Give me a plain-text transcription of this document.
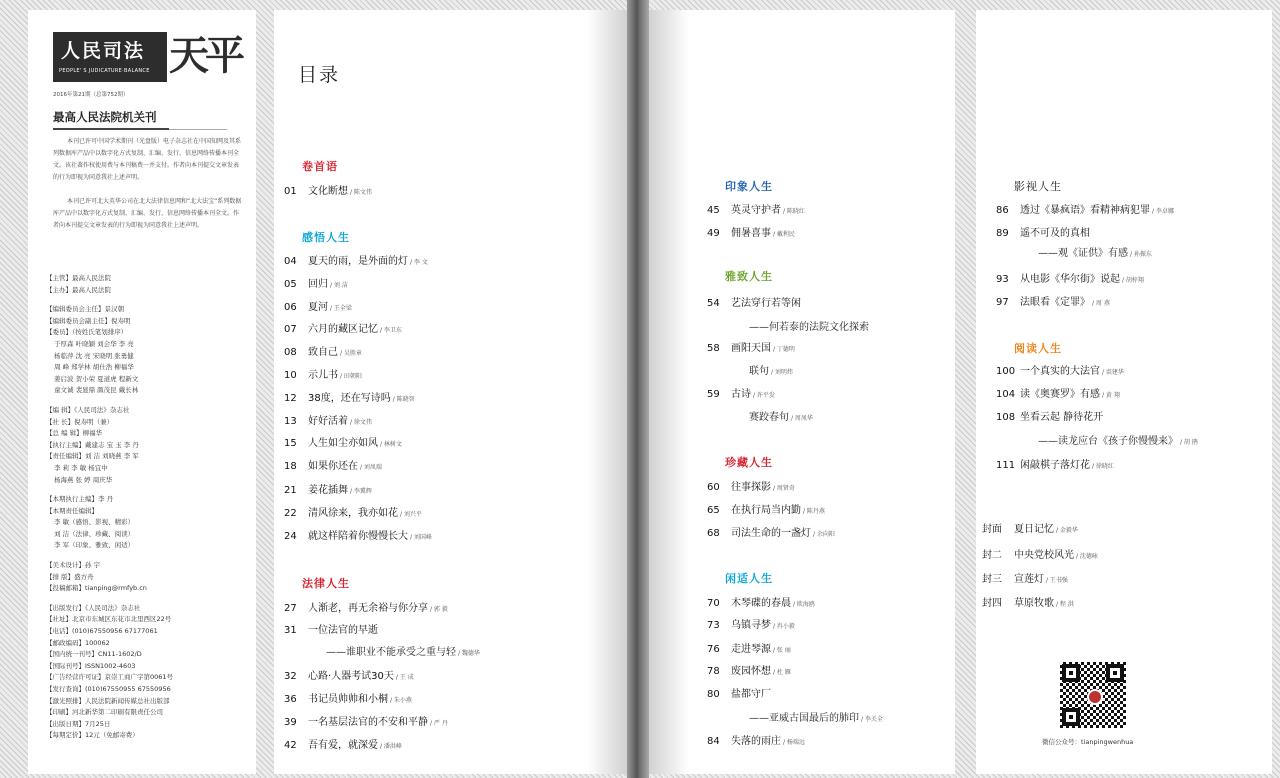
人民司法
PEOPLE' S JUDICATURE·BALANCE 天平
2016年第21期（总第752期）
最高人民法院机关刊
本刊已许可中国学术期刊（光盘版）电子杂志社在中国知网及其系列数据库产品中以数字化方式复制、汇编、发行、信息网络传播本刊全文。该社著作权使用费与本刊稿费一并支付。作者向本刊提交文章发表的行为即视为同意我社上述声明。
本刊已许可北大英华公司在北大法律信息网和“北大法宝”系列数据库产品中以数字化方式复制、汇编、发行、信息网络传播本刊全文。作者向本刊提交文章发表的行为即视为同意我社上述声明。
【主管】最高人民法院
【主办】最高人民法院
【编辑委员会主任】景汉朝
【编辑委员会副主任】倪寿明
【委员】（按姓氏笔划排序）
于厚森 叶晓颖 刘会华 李 亮
杨临萍 沈 亮 宋晓明 张勇健
周 峰 郑学林 胡仕浩 柳福华
姜启波 贺小荣 夏道虎 程新文
童文诚 裴显鼎 颜茂昆 戴长林
【编 辑】《人民司法》杂志社
【社 长】倪寿明（兼）
【总 编 辑】柳福华
【执行主编】戴建志 宝 玉 李 丹
【责任编辑】刘 洁 刘晓燕 李 军
李 莉 李 敏 杨宜中
杨海燕 张 婷 周庆华
【本期执行主编】李 丹
【本期责任编辑】
李 敏（感悟、影视、精彩）
刘 洁（法律、珍藏、阅读）
李 军（印象、雅致、闲适）
【美术设计】孙 宇
【排 版】盛方舟
【投稿邮箱】tianping@rmfyb.cn
【出版发行】《人民司法》杂志社
【社址】北京市东城区东花市北里西区22号
【电话】(010)67550956 67177061
【邮政编码】100062
【国内统一刊号】CN11-1602/D
【国际刊号】ISSN1002-4603
【广告经营许可证】京崇工商广字第0061号
【发行查询】(010)67550955 67550956
【激光照排】人民法院新闻传媒总社出版部
【印刷】河北新华第二印刷有限责任公司
【出版日期】7月25日
【每期定价】12元（免邮寄费）
目录
卷首语
01 文化断想 / 陈文伟
感悟人生
04 夏天的雨，是外面的灯 / 李 文
05 回归 / 刘 洁
06 夏河 / 王全梁
07 六月的藏区记忆 / 李卫东
08 致自己 / 吴胜章
10 示儿书 / 田朝阳
12 38度，还在写诗吗 / 陈晓智
13 好好活着 / 徐文伟
15 人生如尘亦如风 / 林树文
18 如果你还在 / 刘凤瑞
21 姜花插舞 / 李冀辉
22 清风徐来，我亦如花 / 刘兴平
24 就这样陪着你慢慢长大 / 刘国峰
法律人生
27 人渐老，再无余裕与你分享 / 郭 毅
31 一位法官的早逝
——谁职业不能承受之重与轻 / 魏德华
32 心路·人器考试30天 / 王 成
36 书记员帅帅和小桐 / 朱小燕
39 一名基层法官的不安和平静 / 严 丹
42 吾有爱，就深爱 / 潘洪峰
印象人生
45 英灵守护者 / 陈晓红
49 佣暑喜事 / 戴利民
雅致人生
54 艺法穿行若等闲
——何若泰的法院文化探索
58 画阳天国 / 丁德明
联句 / 刘明炜
59 古诗 / 许平发
赛跤春旬 / 周凤华
珍藏人生
60 往事探影 / 周贤奇
65 在执行局当内勤 / 陈丹燕
68 司法生命的一盏灯 / 余向阳
闲适人生
70 木琴碟的春晨 / 欧海鸥
73 乌镇寻梦 / 冉小毅
76 走进琴源 / 张 丽
78 废园怀想 / 杜 雁
80 盐都守厂
——亚威古国最后的肺印 / 李关全
84 失落的雨庄 / 杨瑞远	微信公众号：tianpingwenhua
影视人生
86 透过《暴疯语》看精神病犯罪 / 李卓娜
89 遥不可及的真相
——观《证供》有感 / 孙振东
93 从电影《华尔街》说起 / 胡梓翔
97 法眼看《定罪》 / 周 燕
阅读人生
100 一个真实的大法官 / 裘建华
104 读《奥赛罗》有感 / 黄 翔
108 坐看云起 静待花开
——读龙应台《孩子你慢慢来》 / 胡 鹃
111 闲敲棋子落灯花 / 徐晓红
封面 夏日记忆 / 金毅华
封二 中央党校风光 / 沈德咏
封三 宣莲灯 / 王书强
封四 草原牧歌 / 程 洪
